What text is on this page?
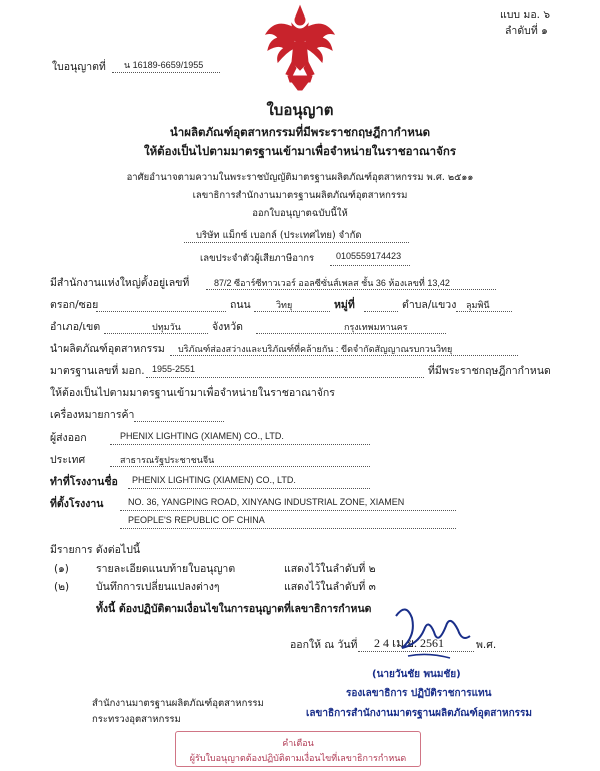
แบบ มอ. ๖
ลำดับที่ ๑
ใบอนุญาตที่ น 16189-6659/1955
ใบอนุญาต
นำผลิตภัณฑ์อุตสาหกรรมที่มีพระราชกฤษฎีกากำหนด
ให้ต้องเป็นไปตามมาตรฐานเข้ามาเพื่อจำหน่ายในราชอาณาจักร
อาศัยอำนาจตามความในพระราชบัญญัติมาตรฐานผลิตภัณฑ์อุตสาหกรรม พ.ศ. ๒๕๑๑
เลขาธิการสำนักงานมาตรฐานผลิตภัณฑ์อุตสาหกรรม
ออกใบอนุญาตฉบับนี้ให้
บริษัท แม็กซ์ เบอกล์ (ประเทศไทย) จำกัด
เลขประจำตัวผู้เสียภาษีอากร 0105559174423
มีสำนักงานแห่งใหญ่ตั้งอยู่เลขที่	87/2 ซีอาร์ซีทาวเวอร์ ออลซีซั่นส์เพลส ชั้น 36 ห้องเลขที่ 13,42
ตรอก/ซอย	ถนน	วิทยุ	หมู่ที่	ตำบล/แขวง ลุมพินี
อำเภอ/เขต	ปทุมวัน	จังหวัด	กรุงเทพมหานคร
นำผลิตภัณฑ์อุตสาหกรรม บริภัณฑ์ส่องสว่างและบริภัณฑ์ที่คล้ายกัน : ขีดจำกัดสัญญาณรบกวนวิทยุ
มาตรฐานเลขที่ มอก. 1955-2551	ที่มีพระราชกฤษฎีกากำหนด
ให้ต้องเป็นไปตามมาตรฐานเข้ามาเพื่อจำหน่ายในราชอาณาจักร
เครื่องหมายการค้า
ผู้ส่งออก	PHENIX LIGHTING (XIAMEN) CO., LTD.
ประเทศ	สาธารณรัฐประชาชนจีน
ทำที่โรงงานชื่อ PHENIX LIGHTING (XIAMEN) CO., LTD.
ที่ตั้งโรงงาน	NO. 36, YANGPING ROAD, XINYANG INDUSTRIAL ZONE, XIAMEN
PEOPLE'S REPUBLIC OF CHINA
มีรายการ ดังต่อไปนี้
(๑)	รายละเอียดแนบท้ายใบอนุญาต	แสดงไว้ในลำดับที่ ๒
(๒)	บันทึกการเปลี่ยนแปลงต่างๆ	แสดงไว้ในลำดับที่ ๓
ทั้งนี้ ต้องปฏิบัติตามเงื่อนไขในการอนุญาตที่เลขาธิการกำหนด
ออกให้ ณ วันที่ 2 4 เม.ย. 2561	พ.ศ.
(นายวันชัย พนมชัย)
รองเลขาธิการ ปฏิบัติราชการแทน
เลขาธิการสำนักงานมาตรฐานผลิตภัณฑ์อุตสาหกรรม
สำนักงานมาตรฐานผลิตภัณฑ์อุตสาหกรรม
กระทรวงอุตสาหกรรม
คำเตือน
ผู้รับใบอนุญาตต้องปฏิบัติตามเงื่อนไขที่เลขาธิการกำหนด
